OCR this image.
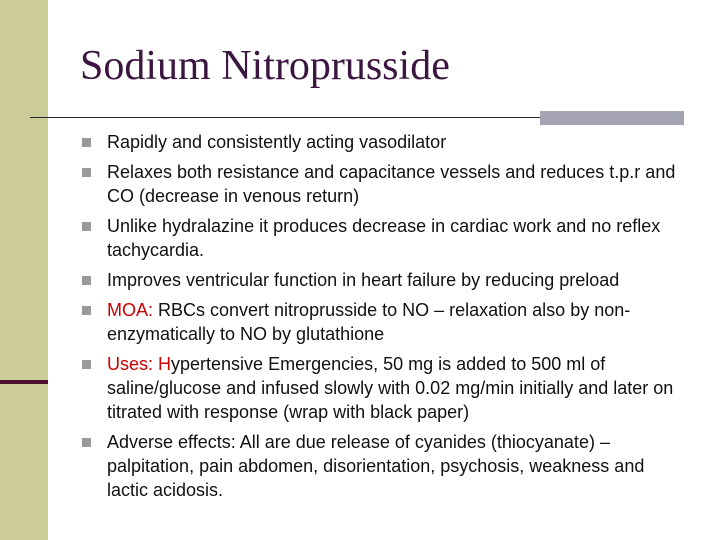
Sodium Nitroprusside
Rapidly and consistently acting vasodilator
Relaxes both resistance and capacitance vessels and reduces t.p.r and CO (decrease in venous return)
Unlike hydralazine it produces decrease in cardiac work and no reflex tachycardia.
Improves ventricular function in heart failure by reducing preload
MOA: RBCs convert nitroprusside to NO – relaxation also by non-enzymatically to NO by glutathione
Uses: Hypertensive Emergencies, 50 mg is added to 500 ml of saline/glucose and infused slowly with 0.02 mg/min initially and later on titrated with response (wrap with black paper)
Adverse effects: All are due release of cyanides (thiocyanate) – palpitation, pain abdomen, disorientation, psychosis, weakness and lactic acidosis.
